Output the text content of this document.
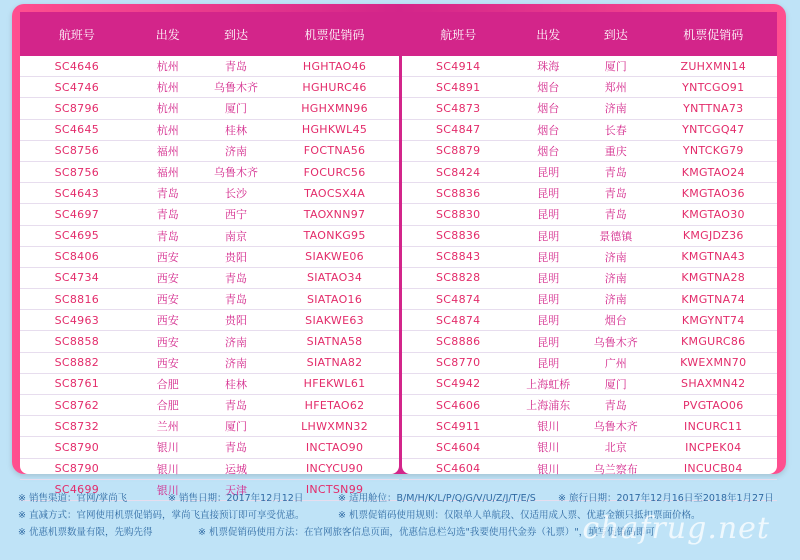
航班号	出发	到达	机票促销码
SC4646	杭州	青岛	HGHTAO46
SC4746	杭州	乌鲁木齐	HGHURC46
SC8796	杭州	厦门	HGHXMN96
SC4645	杭州	桂林	HGHKWL45
SC8756	福州	济南	FOCTNA56
SC8756	福州	乌鲁木齐	FOCURC56
SC4643	青岛	长沙	TAOCSX4A
SC4697	青岛	西宁	TAOXNN97
SC4695	青岛	南京	TAONKG95
SC8406	西安	贵阳	SIAKWE06
SC4734	西安	青岛	SIATAO34
SC8816	西安	青岛	SIATAO16
SC4963	西安	贵阳	SIAKWE63
SC8858	西安	济南	SIATNA58
SC8882	西安	济南	SIATNA82
SC8761	合肥	桂林	HFEKWL61
SC8762	合肥	青岛	HFETAO62
SC8732	兰州	厦门	LHWXMN32
SC8790	银川	青岛	INCTAO90
SC8790	银川	运城	INCYCU90
SC4699	银川	天津	INCTSN99
航班号	出发	到达	机票促销码
SC4914	珠海	厦门	ZUHXMN14
SC4891	烟台	郑州	YNTCGO91
SC4873	烟台	济南	YNTTNA73
SC4847	烟台	长春	YNTCGQ47
SC8879	烟台	重庆	YNTCKG79
SC8424	昆明	青岛	KMGTAO24
SC8836	昆明	青岛	KMGTAO36
SC8830	昆明	青岛	KMGTAO30
SC8836	昆明	景德镇	KMGJDZ36
SC8843	昆明	济南	KMGTNA43
SC8828	昆明	济南	KMGTNA28
SC4874	昆明	济南	KMGTNA74
SC4874	昆明	烟台	KMGYNT74
SC8886	昆明	乌鲁木齐	KMGURC86
SC8770	昆明	广州	KWEXMN70
SC4942	上海虹桥	厦门	SHAXMN42
SC4606	上海浦东	青岛	PVGTAO06
SC4911	银川	乌鲁木齐	INCURC11
SC4604	银川	北京	INCPEK04
SC4604	银川	乌兰察布	INCUCB04
※ 销售渠道：官网/掌尚飞	※ 销售日期：2017年12月12日	※ 适用舱位：B/M/H/K/L/P/Q/G/V/U/Z/J/T/E/S ※ 旅行日期：2017年12月16日至2018年1月27日
※ 直减方式：官网使用机票促销码，掌尚飞直接预订即可享受优惠。	※ 机票促销码使用规则：仅限单人单航段、仅适用成人票、优惠金额只抵扣票面价格。
※ 优惠机票数量有限，先购先得	※ 机票促销码使用方法：在官网旅客信息页面，优惠信息栏勾选"我要使用代金券（礼票）"，填写促销码即可
chafrug.net
